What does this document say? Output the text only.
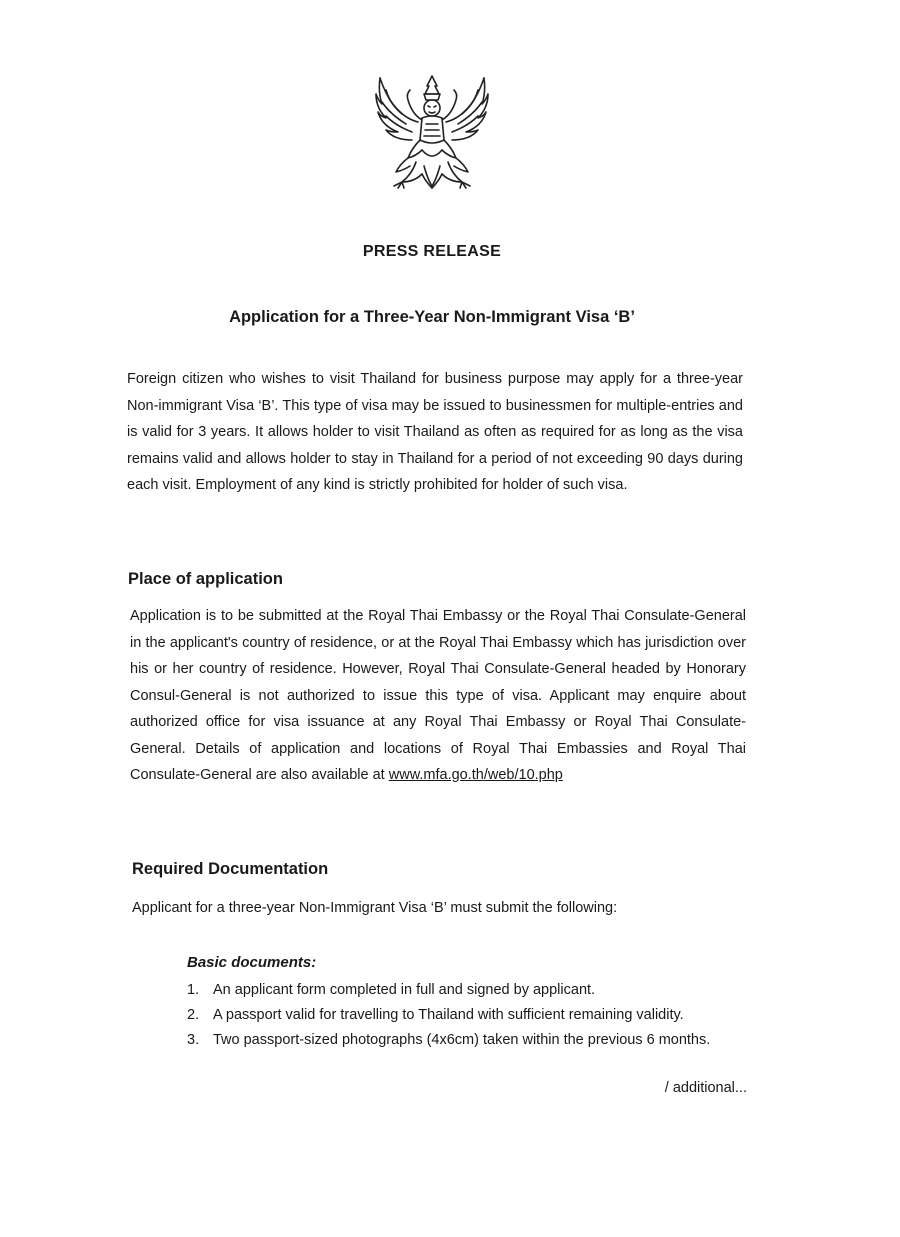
PRESS RELEASE
Application for a Three-Year Non-Immigrant Visa ‘B’

Foreign citizen who wishes to visit Thailand for business purpose may apply for a three-year Non-immigrant Visa ‘B’. This type of visa may be issued to businessmen for multiple-entries and is valid for 3 years. It allows holder to visit Thailand as often as required for as long as the visa remains valid and allows holder to stay in Thailand for a period of not exceeding 90 days during each visit. Employment of any kind is strictly prohibited for holder of such visa.

Place of application

Application is to be submitted at the Royal Thai Embassy or the Royal Thai Consulate-General in the applicant's country of residence, or at the Royal Thai Embassy which has jurisdiction over his or her country of residence. However, Royal Thai Consulate-General headed by Honorary Consul-General is not authorized to issue this type of visa. Applicant may enquire about authorized office for visa issuance at any Royal Thai Embassy or Royal Thai Consulate-General. Details of application and locations of Royal Thai Embassies and Royal Thai Consulate-General are also available at www.mfa.go.th/web/10.php

Required Documentation

Applicant for a three-year Non-Immigrant Visa ‘B’ must submit the following:

Basic documents:
1. An applicant form completed in full and signed by applicant.
2. A passport valid for travelling to Thailand with sufficient remaining validity.
3. Two passport-sized photographs (4x6cm) taken within the previous 6 months.

/ additional...
